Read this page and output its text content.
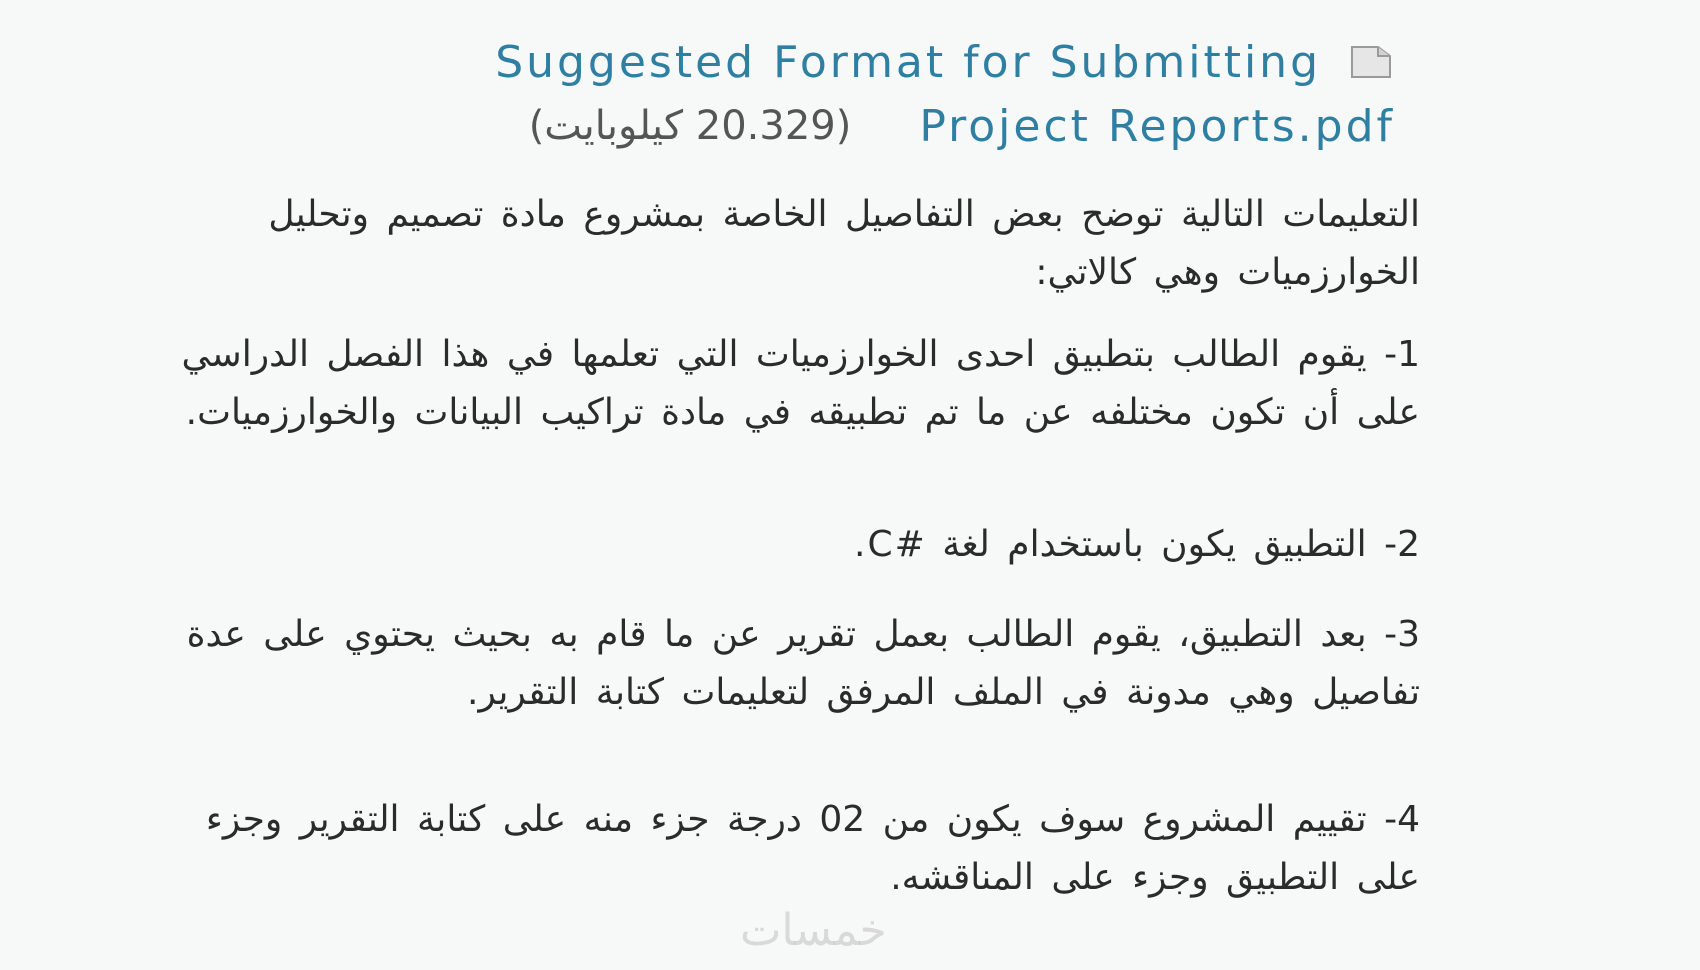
Suggested Format for Submitting
Project Reports.pdf
(20.329 كيلوبايت)

التعليمات التالية توضح بعض التفاصيل الخاصة بمشروع مادة تصميم وتحليل الخوارزميات وهي كالاتي:

1- يقوم الطالب بتطبيق احدى الخوارزميات التي تعلمها في هذا الفصل الدراسي على أن تكون مختلفه عن ما تم تطبيقه في مادة تراكيب البيانات والخوارزميات.

2- التطبيق يكون باستخدام لغة #C.

3- بعد التطبيق، يقوم الطالب بعمل تقرير عن ما قام به بحيث يحتوي على عدة تفاصيل وهي مدونة في الملف المرفق لتعليمات كتابة التقرير.

4- تقييم المشروع سوف يكون من 02 درجة جزء منه على كتابة التقرير وجزء على التطبيق وجزء على المناقشه.

خمسات
